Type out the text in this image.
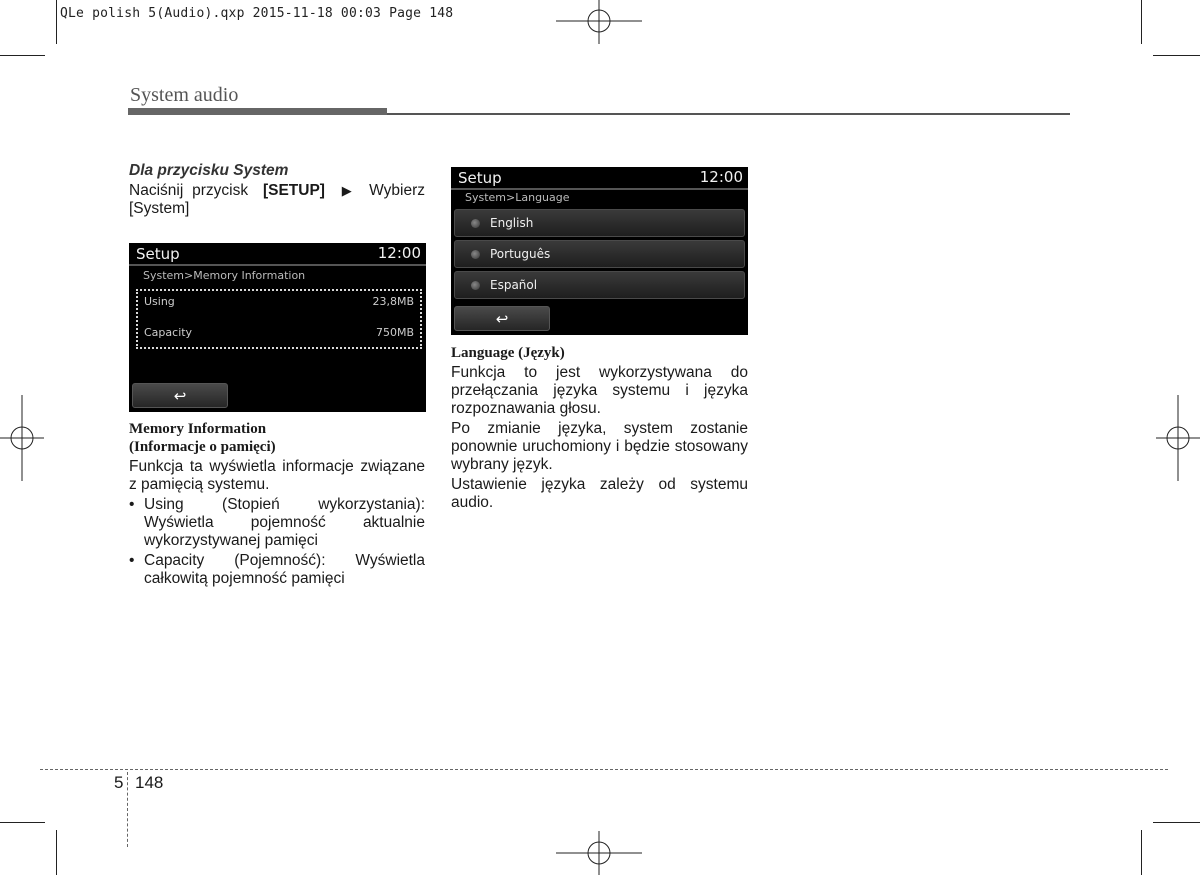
QLe polish 5(Audio).qxp 2015-11-18 00:03 Page 148
System audio

Dla przycisku System

Naciśnij przycisk [SETUP] ▶ Wybierz [System]

Setup	12:00
System>Memory Information
Using	23,8MB
Capacity	750MB
↩

Memory Information

(Informacje o pamięci)

Funkcja ta wyświetla informacje związane z pamięcią systemu.

• Using (Stopień wykorzystania): Wyświetla pojemność aktualnie wykorzystywanej pamięci
• Capacity (Pojemność): Wyświetla całkowitą pojemność pamięci
Setup	12:00
System>Language
English
Português
Español
↩

Language (Język)

Funkcja to jest wykorzystywana do przełączania języka systemu i języka rozpoznawania głosu.

Po zmianie języka, system zostanie ponownie uruchomiony i będzie stosowany wybrany język.

Ustawienie języka zależy od systemu audio.

5 148
